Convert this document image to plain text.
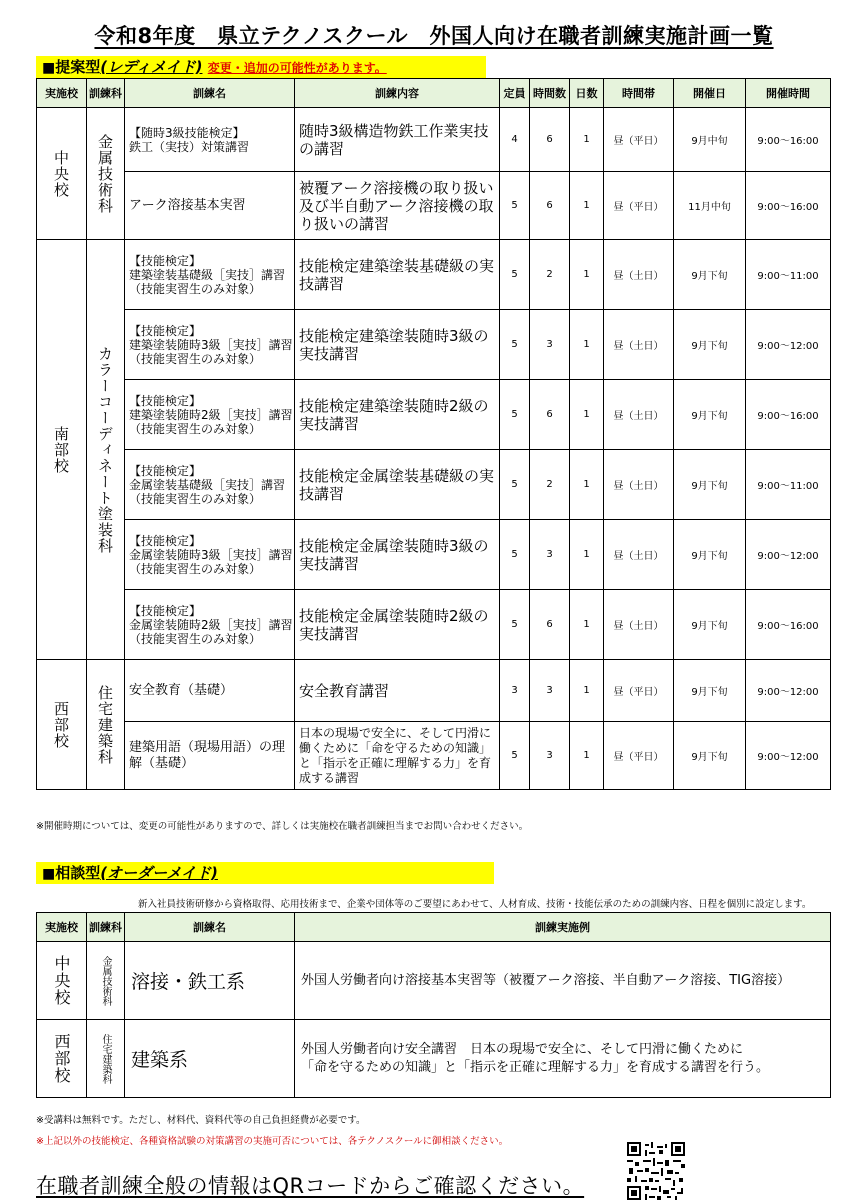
令和8年度　県立テクノスクール　外国人向け在職者訓練実施計画一覧
■提案型(レディメイド) 変更・追加の可能性があります。
実施校	訓練科	訓練名	訓練内容	定員	時間数	日数	時間帯	開催日	開催時間

中央校	金属技術科	【随時3級技能検定】
鉄工（実技）対策講習	随時3級構造物鉄工作業実技の講習	4	6	1	昼（平日）	9月中旬	9:00～16:00
		アーク溶接基本実習	被覆アーク溶接機の取り扱い及び半自動アーク溶接機の取り扱いの講習	5	6	1	昼（平日）	11月中旬	9:00～16:00

南部校	カラーコーディネート塗装科	【技能検定】
建築塗装基礎級［実技］講習
（技能実習生のみ対象）	技能検定建築塗装基礎級の実技講習	5	2	1	昼（土日）	9月下旬	9:00～11:00
		【技能検定】
建築塗装随時3級［実技］講習
（技能実習生のみ対象）	技能検定建築塗装随時3級の実技講習	5	3	1	昼（土日）	9月下旬	9:00～12:00
		【技能検定】
建築塗装随時2級［実技］講習
（技能実習生のみ対象）	技能検定建築塗装随時2級の実技講習	5	6	1	昼（土日）	9月下旬	9:00～16:00
		【技能検定】
金属塗装基礎級［実技］講習
（技能実習生のみ対象）	技能検定金属塗装基礎級の実技講習	5	2	1	昼（土日）	9月下旬	9:00～11:00
		【技能検定】
金属塗装随時3級［実技］講習
（技能実習生のみ対象）	技能検定金属塗装随時3級の実技講習	5	3	1	昼（土日）	9月下旬	9:00～12:00
		【技能検定】
金属塗装随時2級［実技］講習
（技能実習生のみ対象）	技能検定金属塗装随時2級の実技講習	5	6	1	昼（土日）	9月下旬	9:00～16:00

西部校	住宅建築科	安全教育（基礎）	安全教育講習	3	3	1	昼（平日）	9月下旬	9:00～12:00
		建築用語（現場用語）の理解（基礎）	日本の現場で安全に、そして円滑に働くために「命を守るための知識」と「指示を正確に理解する力」を育成する講習	5	3	1	昼（平日）	9月下旬	9:00～12:00
※開催時期については、変更の可能性がありますので、詳しくは実施校在職者訓練担当までお問い合わせください。
■相談型(オーダーメイド)
新入社員技術研修から資格取得、応用技術まで、企業や団体等のご要望にあわせて、人材育成、技術・技能伝承のための訓練内容、日程を個別に設定します。
実施校	訓練科	訓練名	訓練実施例

中央校	金属技術科	溶接・鉄工系	外国人労働者向け溶接基本実習等（被覆アーク溶接、半自動アーク溶接、TIG溶接）

西部校	住宅建築科	建築系	外国人労働者向け安全講習　日本の現場で安全に、そして円滑に働くために
「命を守るための知識」と「指示を正確に理解する力」を育成する講習を行う。
※受講料は無料です。ただし、材料代、資料代等の自己負担経費が必要です。
※上記以外の技能検定、各種資格試験の対策講習の実施可否については、各テクノスクールに御相談ください。
在職者訓練全般の情報はQRコードからご確認ください。
